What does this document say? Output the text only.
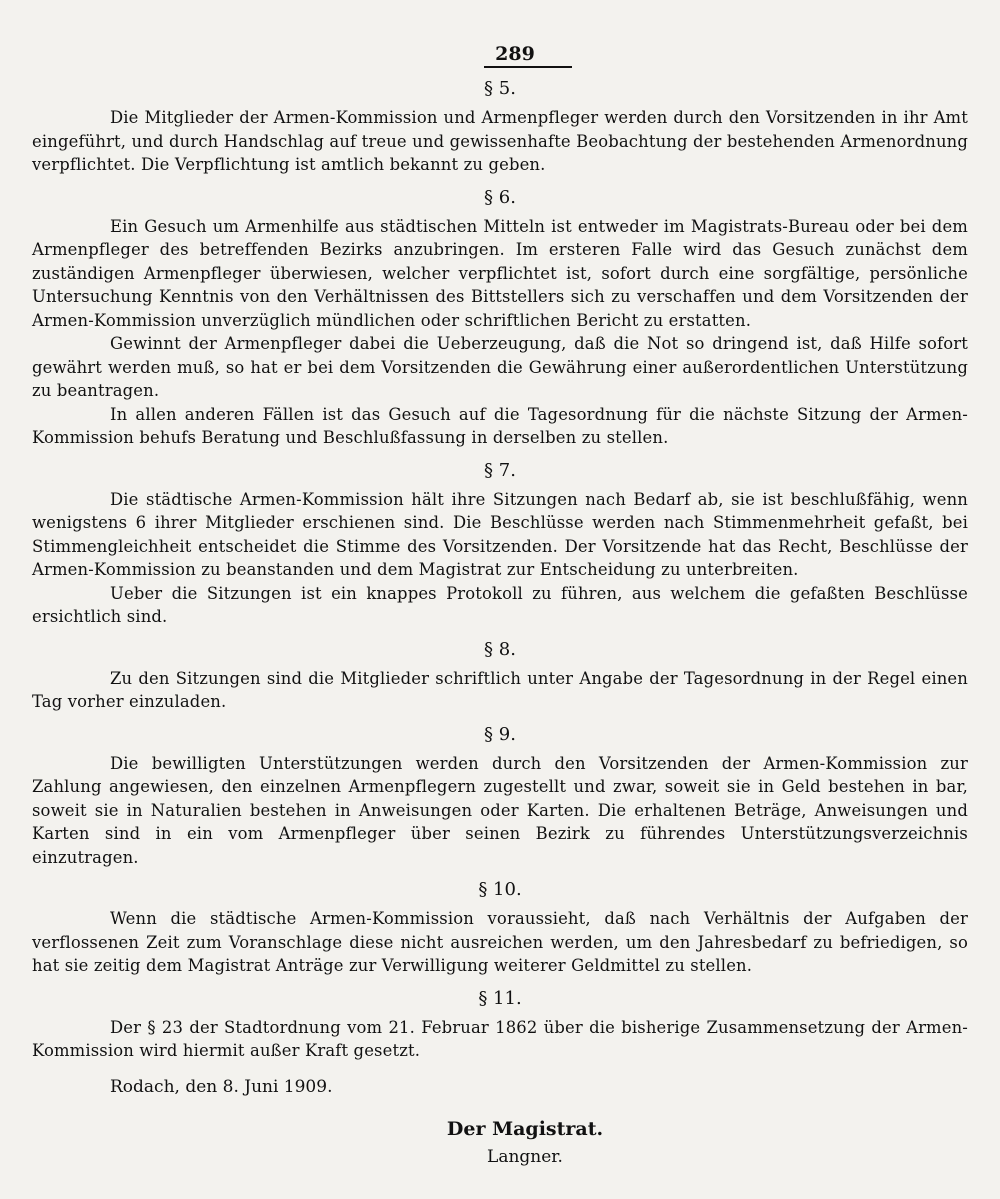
289
§ 5.

Die Mitglieder der Armen-Kommission und Armenpfleger werden durch den Vorsitzenden in ihr Amt eingeführt, und durch Handschlag auf treue und gewissenhafte Beobachtung der bestehenden Armenordnung verpflichtet. Die Verpflichtung ist amtlich bekannt zu geben.

§ 6.

Ein Gesuch um Armenhilfe aus städtischen Mitteln ist entweder im Magistrats-Bureau oder bei dem Armenpfleger des betreffenden Bezirks anzubringen. Im ersteren Falle wird das Gesuch zunächst dem zuständigen Armenpfleger überwiesen, welcher verpflichtet ist, sofort durch eine sorgfältige, persönliche Untersuchung Kenntnis von den Verhältnissen des Bittstellers sich zu verschaffen und dem Vorsitzenden der Armen-Kommission unverzüglich mündlichen oder schriftlichen Bericht zu erstatten.

Gewinnt der Armenpfleger dabei die Ueberzeugung, daß die Not so dringend ist, daß Hilfe sofort gewährt werden muß, so hat er bei dem Vorsitzenden die Gewährung einer außerordentlichen Unterstützung zu beantragen.

In allen anderen Fällen ist das Gesuch auf die Tagesordnung für die nächste Sitzung der Armen-Kommission behufs Beratung und Beschlußfassung in derselben zu stellen.

§ 7.

Die städtische Armen-Kommission hält ihre Sitzungen nach Bedarf ab, sie ist beschlußfähig, wenn wenigstens 6 ihrer Mitglieder erschienen sind. Die Beschlüsse werden nach Stimmenmehrheit gefaßt, bei Stimmengleichheit entscheidet die Stimme des Vorsitzenden. Der Vorsitzende hat das Recht, Beschlüsse der Armen-Kommission zu beanstanden und dem Magistrat zur Entscheidung zu unterbreiten.

Ueber die Sitzungen ist ein knappes Protokoll zu führen, aus welchem die gefaßten Beschlüsse ersichtlich sind.

§ 8.

Zu den Sitzungen sind die Mitglieder schriftlich unter Angabe der Tagesordnung in der Regel einen Tag vorher einzuladen.

§ 9.

Die bewilligten Unterstützungen werden durch den Vorsitzenden der Armen-Kommission zur Zahlung angewiesen, den einzelnen Armenpflegern zugestellt und zwar, soweit sie in Geld bestehen in bar, soweit sie in Naturalien bestehen in Anweisungen oder Karten. Die erhaltenen Beträge, Anweisungen und Karten sind in ein vom Armenpfleger über seinen Bezirk zu führendes Unterstützungsverzeichnis einzutragen.

§ 10.

Wenn die städtische Armen-Kommission voraussieht, daß nach Verhältnis der Aufgaben der verflossenen Zeit zum Voranschlage diese nicht ausreichen werden, um den Jahresbedarf zu befriedigen, so hat sie zeitig dem Magistrat Anträge zur Verwilligung weiterer Geldmittel zu stellen.

§ 11.

Der § 23 der Stadtordnung vom 21. Februar 1862 über die bisherige Zusammensetzung der Armen-Kommission wird hiermit außer Kraft gesetzt.

Rodach, den 8. Juni 1909.
Der Magistrat.
Langner.
